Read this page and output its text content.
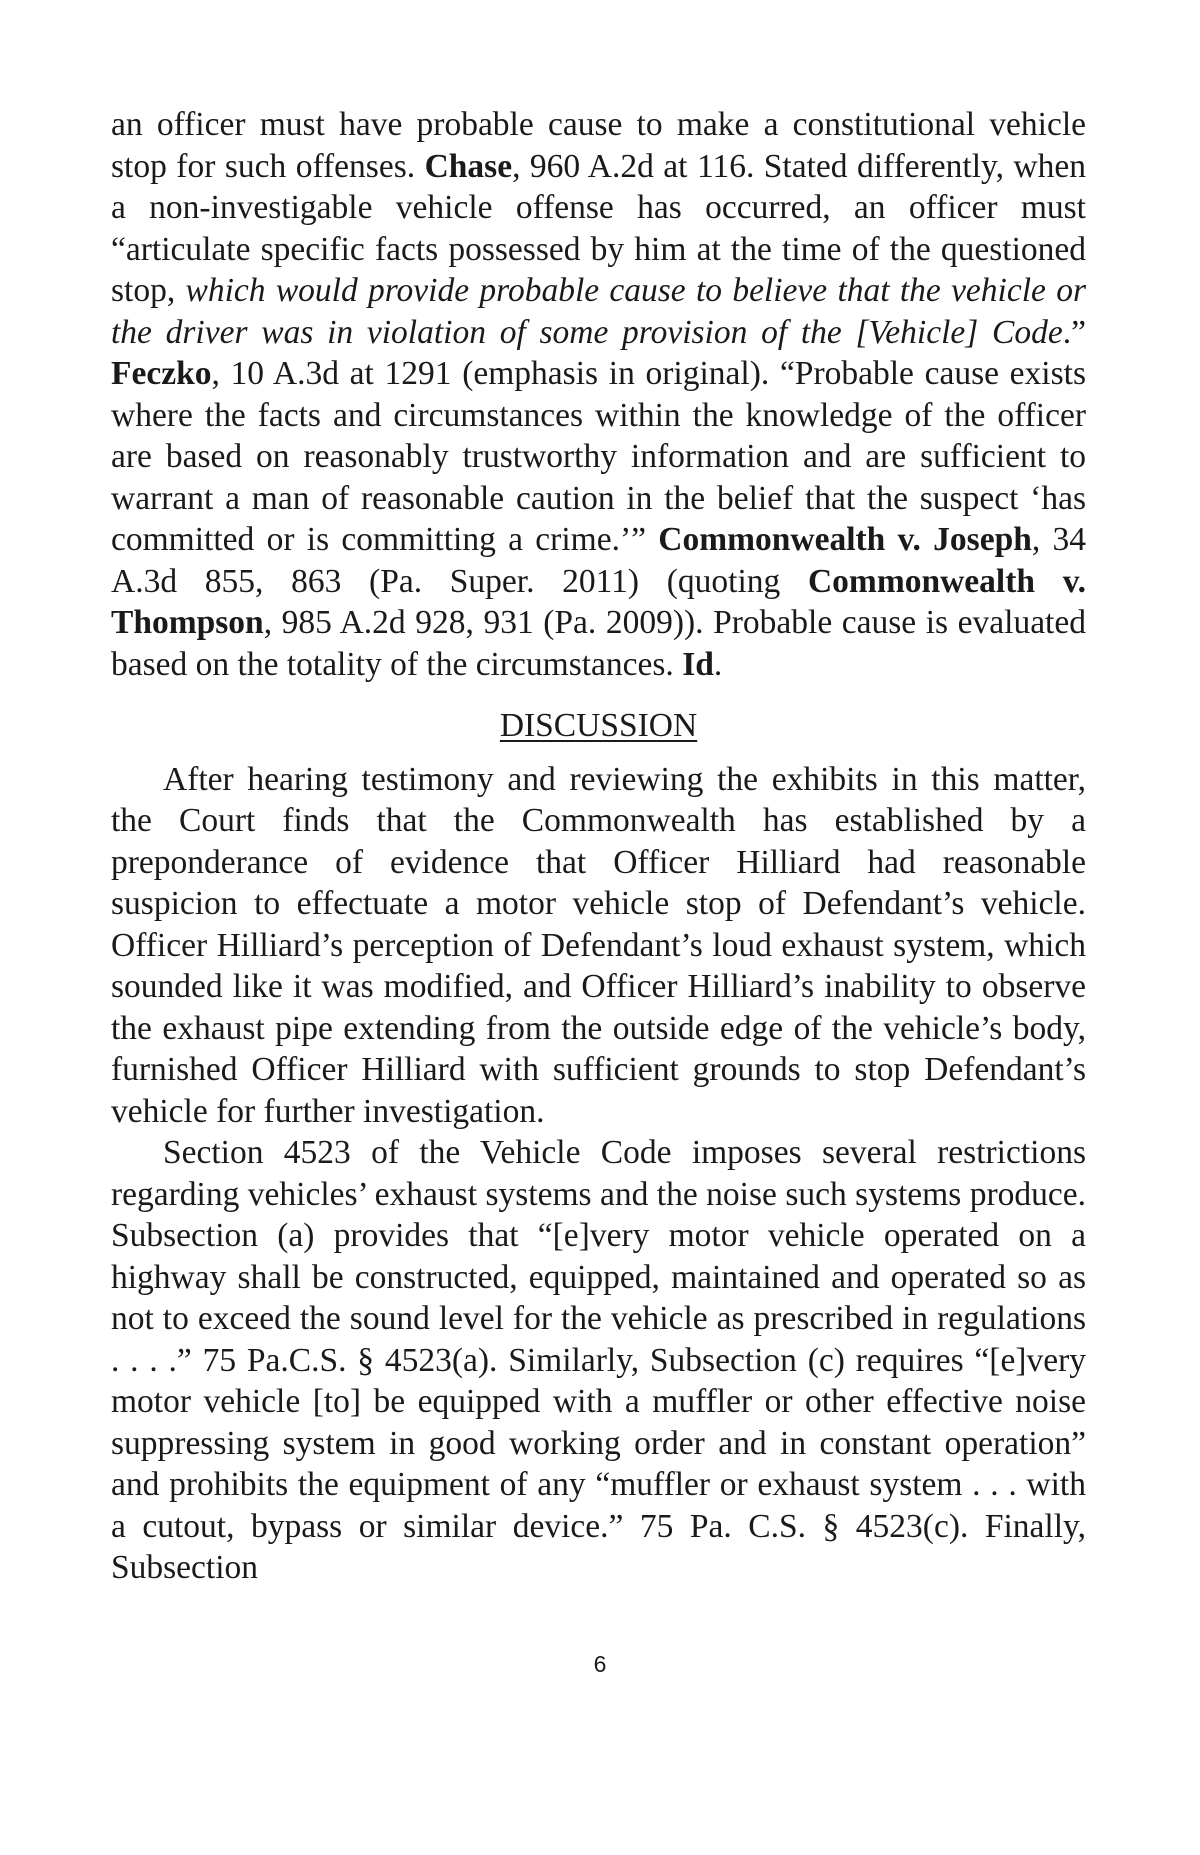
an officer must have probable cause to make a constitutional vehicle stop for such offenses. Chase, 960 A.2d at 116. Stated differently, when a non-investigable vehicle offense has occurred, an officer must “articulate specific facts possessed by him at the time of the questioned stop, which would provide probable cause to believe that the vehicle or the driver was in violation of some provision of the [Vehicle] Code.” Feczko, 10 A.3d at 1291 (emphasis in original). “Probable cause exists where the facts and circumstances within the knowledge of the officer are based on reasonably trustworthy information and are sufficient to warrant a man of reasonable caution in the belief that the suspect ‘has committed or is committing a crime.’” Commonwealth v. Joseph, 34 A.3d 855, 863 (Pa. Super. 2011) (quoting Commonwealth v. Thompson, 985 A.2d 928, 931 (Pa. 2009)). Probable cause is evaluated based on the totality of the circumstances. Id.

DISCUSSION

After hearing testimony and reviewing the exhibits in this matter, the Court finds that the Commonwealth has established by a preponderance of evidence that Officer Hilliard had reasonable suspicion to effectuate a motor vehicle stop of Defendant’s vehicle. Officer Hilliard’s perception of Defendant’s loud exhaust system, which sounded like it was modified, and Officer Hilliard’s inability to observe the exhaust pipe extending from the outside edge of the vehicle’s body, furnished Officer Hilliard with sufficient grounds to stop Defendant’s vehicle for further investigation.

Section 4523 of the Vehicle Code imposes several restrictions regarding vehicles’ exhaust systems and the noise such systems produce. Subsection (a) provides that “[e]very motor vehicle operated on a highway shall be constructed, equipped, maintained and operated so as not to exceed the sound level for the vehicle as prescribed in regulations . . . .” 75 Pa.C.S. § 4523(a). Similarly, Subsection (c) requires “[e]very motor vehicle [to] be equipped with a muffler or other effective noise suppressing system in good working order and in constant operation” and prohibits the equipment of any “muffler or exhaust system . . . with a cutout, bypass or similar device.” 75 Pa. C.S. § 4523(c). Finally, Subsection

6
